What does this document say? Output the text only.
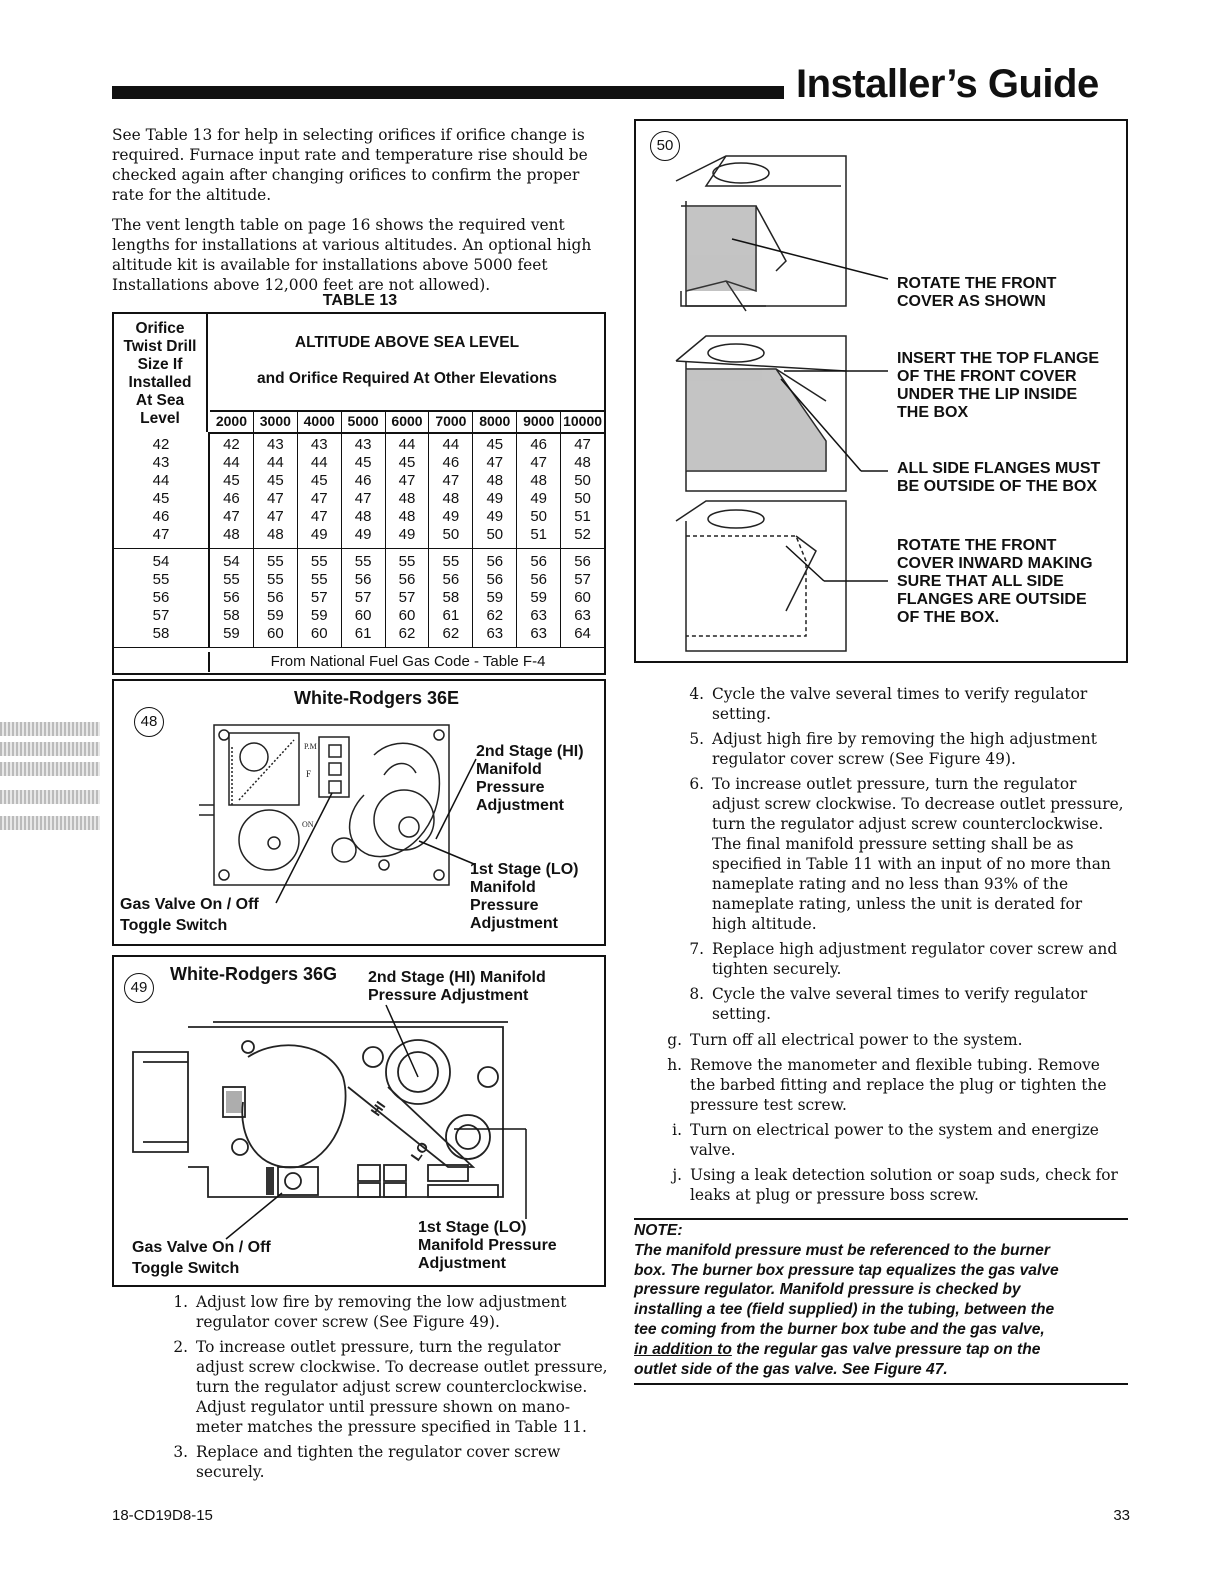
Installer’s Guide

See Table 13 for help in selecting orifices if orifice change is required. Furnace input rate and temperature rise should be checked again after changing orifices to confirm the proper rate for the altitude.

The vent length table on page 16 shows the required vent lengths for installations at various altitudes. An optional high altitude kit is available for installations above 5000 feet Installations above 12,000 feet are not allowed).

TABLE 13
Orifice
Twist Drill
Size If
Installed
At Sea
Level
ALTITUDE ABOVE SEA LEVEL
and Orifice Required At Other Elevations
2000 3000 4000 5000 6000 7000 8000 9000 10000
42
43
44
45
46
47
42
44
45
46
47
48
43
44
45
47
47
48
43
44
45
47
47
49
43
45
46
47
48
49
44
45
47
48
48
49
44
46
47
48
49
50
45
47
48
49
49
50
46
47
48
49
50
51
47
48
50
50
51
52
54
55
56
57
58
54
55
56
58
59
55
55
56
59
60
55
55
57
59
60
55
56
57
60
61
55
56
57
60
62
55
56
58
61
62
56
56
59
62
63
56
56
59
63
63
56
57
60
63
64
From National Fuel Gas Code - Table F-4
48
White-Rodgers 36E
P.M
F
ON
2nd Stage (HI)
Manifold
Pressure
Adjustment
1st Stage (LO)
Manifold
Pressure
Adjustment
Gas Valve On / Off
Toggle Switch
49
White-Rodgers 36G 2nd Stage (HI) Manifold
Pressure Adjustment
HI
LO
1st Stage (LO)
Manifold Pressure
Adjustment
Gas Valve On / Off
Toggle Switch
1. Adjust low fire by removing the low adjustment
regulator cover screw (See Figure 49).
2. To increase outlet pressure, turn the regulator
adjust screw clockwise. To decrease outlet pressure,
turn the regulator adjust screw counterclockwise.
Adjust regulator until pressure shown on mano-
meter matches the pressure specified in Table 11.
3. Replace and tighten the regulator cover screw
securely.
50
ROTATE THE FRONT
COVER AS SHOWN
INSERT THE TOP FLANGE
OF THE FRONT COVER
UNDER THE LIP INSIDE
THE BOX
ALL SIDE FLANGES MUST
BE OUTSIDE OF THE BOX
ROTATE THE FRONT
COVER INWARD MAKING
SURE THAT ALL SIDE
FLANGES ARE OUTSIDE
OF THE BOX.
4. Cycle the valve several times to verify regulator
setting.
5. Adjust high fire by removing the high adjustment
regulator cover screw (See Figure 49).
6. To increase outlet pressure, turn the regulator
adjust screw clockwise. To decrease outlet pressure,
turn the regulator adjust screw counterclockwise.
The final manifold pressure setting shall be as
specified in Table 11 with an input of no more than
nameplate rating and no less than 93% of the
nameplate rating, unless the unit is derated for
high altitude.
7. Replace high adjustment regulator cover screw and
tighten securely.
8. Cycle the valve several times to verify regulator
setting.
g. Turn off all electrical power to the system.
h. Remove the manometer and flexible tubing. Remove
the barbed fitting and replace the plug or tighten the
pressure test screw.
i. Turn on electrical power to the system and energize
valve.
j. Using a leak detection solution or soap suds, check for
leaks at plug or pressure boss screw.
NOTE:
The manifold pressure must be referenced to the burner
box. The burner box pressure tap equalizes the gas valve
pressure regulator. Manifold pressure is checked by
installing a tee (field supplied) in the tubing, between the
tee coming from the burner box tube and the gas valve,
in addition to the regular gas valve pressure tap on the
outlet side of the gas valve. See Figure 47.
18-CD19D8-15	33
